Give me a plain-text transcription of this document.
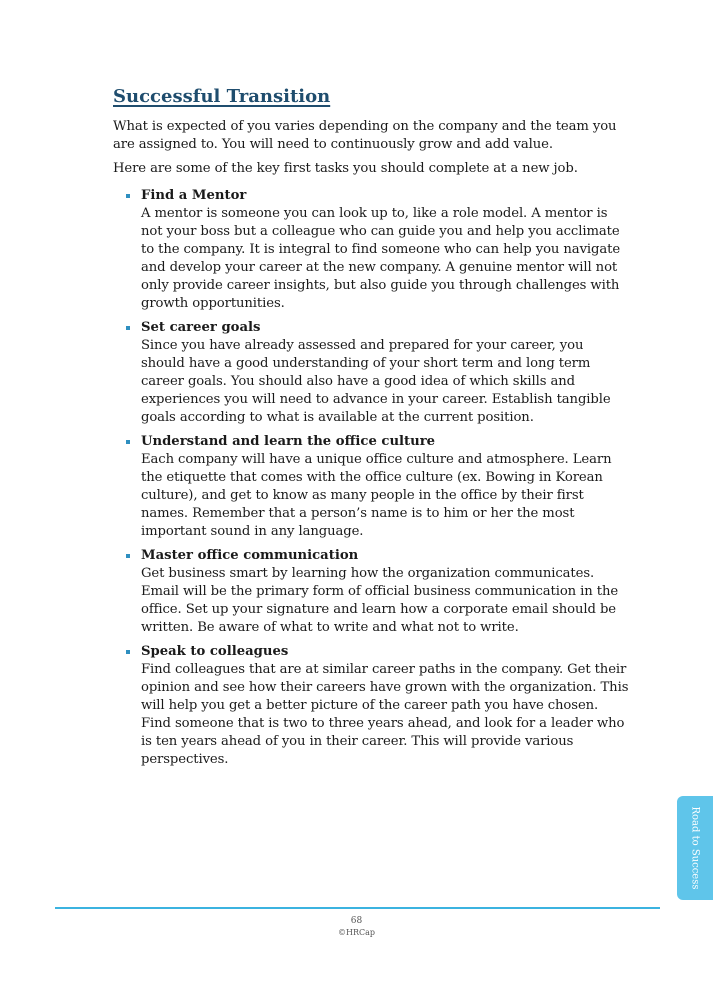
Successful Transition

What is expected of you varies depending on the company and the team you are assigned to. You will need to continuously grow and add value.

Here are some of the key first tasks you should complete at a new job.

Find a Mentor

A mentor is someone you can look up to, like a role model. A mentor is not your boss but a colleague who can guide you and help you acclimate to the company. It is integral to find someone who can help you navigate and develop your career at the new company. A genuine mentor will not only provide career insights, but also guide you through challenges with growth opportunities.

Set career goals

Since you have already assessed and prepared for your career, you should have a good understanding of your short term and long term career goals. You should also have a good idea of which skills and experiences you will need to advance in your career. Establish tangible goals according to what is available at the current position.

Understand and learn the office culture

Each company will have a unique office culture and atmosphere. Learn the etiquette that comes with the office culture (ex. Bowing in Korean culture), and get to know as many people in the office by their first names. Remember that a person’s name is to him or her the most important sound in any language.

Master office communication

Get business smart by learning how the organization communicates. Email will be the primary form of official business communication in the office. Set up your signature and learn how a corporate email should be written. Be aware of what to write and what not to write.

Speak to colleagues

Find colleagues that are at similar career paths in the company. Get their opinion and see how their careers have grown with the organization. This will help you get a better picture of the career path you have chosen. Find someone that is two to three years ahead, and look for a leader who is ten years ahead of you in their career. This will provide various perspectives.

Road to Success

68

©HRCap
